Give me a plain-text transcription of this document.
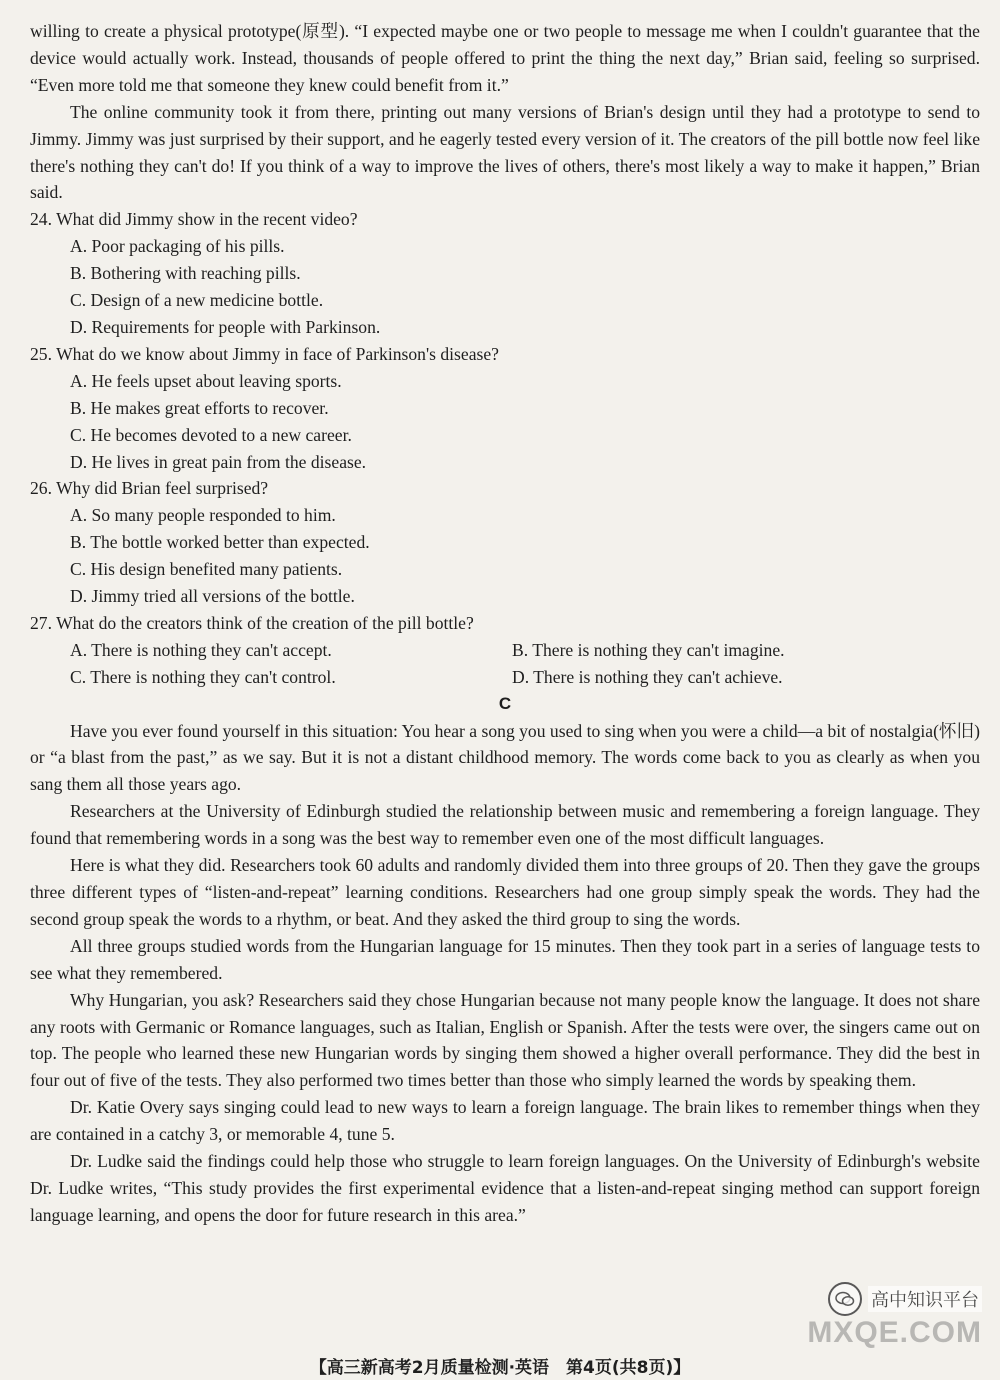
willing to create a physical prototype(原型). “I expected maybe one or two people to message me when I couldn't guarantee that the device would actually work. Instead, thousands of people offered to print the thing the next day,” Brian said, feeling so surprised. “Even more told me that someone they knew could benefit from it.”

The online community took it from there, printing out many versions of Brian's design until they had a prototype to send to Jimmy. Jimmy was just surprised by their support, and he eagerly tested every version of it. The creators of the pill bottle now feel like there's nothing they can't do! If you think of a way to improve the lives of others, there's most likely a way to make it happen,” Brian said.

24. What did Jimmy show in the recent video?

A. Poor packaging of his pills.

B. Bothering with reaching pills.

C. Design of a new medicine bottle.

D. Requirements for people with Parkinson.

25. What do we know about Jimmy in face of Parkinson's disease?

A. He feels upset about leaving sports.

B. He makes great efforts to recover.

C. He becomes devoted to a new career.

D. He lives in great pain from the disease.

26. Why did Brian feel surprised?

A. So many people responded to him.

B. The bottle worked better than expected.

C. His design benefited many patients.

D. Jimmy tried all versions of the bottle.

27. What do the creators think of the creation of the pill bottle?

A. There is nothing they can't accept.	B. There is nothing they can't imagine.
C. There is nothing they can't control.	D. There is nothing they can't achieve.

C

Have you ever found yourself in this situation: You hear a song you used to sing when you were a child—a bit of nostalgia(怀旧) or “a blast from the past,” as we say. But it is not a distant childhood memory. The words come back to you as clearly as when you sang them all those years ago.

Researchers at the University of Edinburgh studied the relationship between music and remembering a foreign language. They found that remembering words in a song was the best way to remember even one of the most difficult languages.

Here is what they did. Researchers took 60 adults and randomly divided them into three groups of 20. Then they gave the groups three different types of “listen-and-repeat” learning conditions. Researchers had one group simply speak the words. They had the second group speak the words to a rhythm, or beat. And they asked the third group to sing the words.

All three groups studied words from the Hungarian language for 15 minutes. Then they took part in a series of language tests to see what they remembered.

Why Hungarian, you ask? Researchers said they chose Hungarian because not many people know the language. It does not share any roots with Germanic or Romance languages, such as Italian, English or Spanish. After the tests were over, the singers came out on top. The people who learned these new Hungarian words by singing them showed a higher overall performance. They did the best in four out of five of the tests. They also performed two times better than those who simply learned the words by speaking them.

Dr. Katie Overy says singing could lead to new ways to learn a foreign language. The brain likes to remember things when they are contained in a catchy 3, or memorable 4, tune 5.

Dr. Ludke said the findings could help those who struggle to learn foreign languages. On the University of Edinburgh's website Dr. Ludke writes, “This study provides the first experimental evidence that a listen-and-repeat singing method can support foreign language learning, and opens the door for future research in this area.”

高中知识平台
MXQE.COM
【高三新高考2月质量检测·英语　第4页(共8页)】
